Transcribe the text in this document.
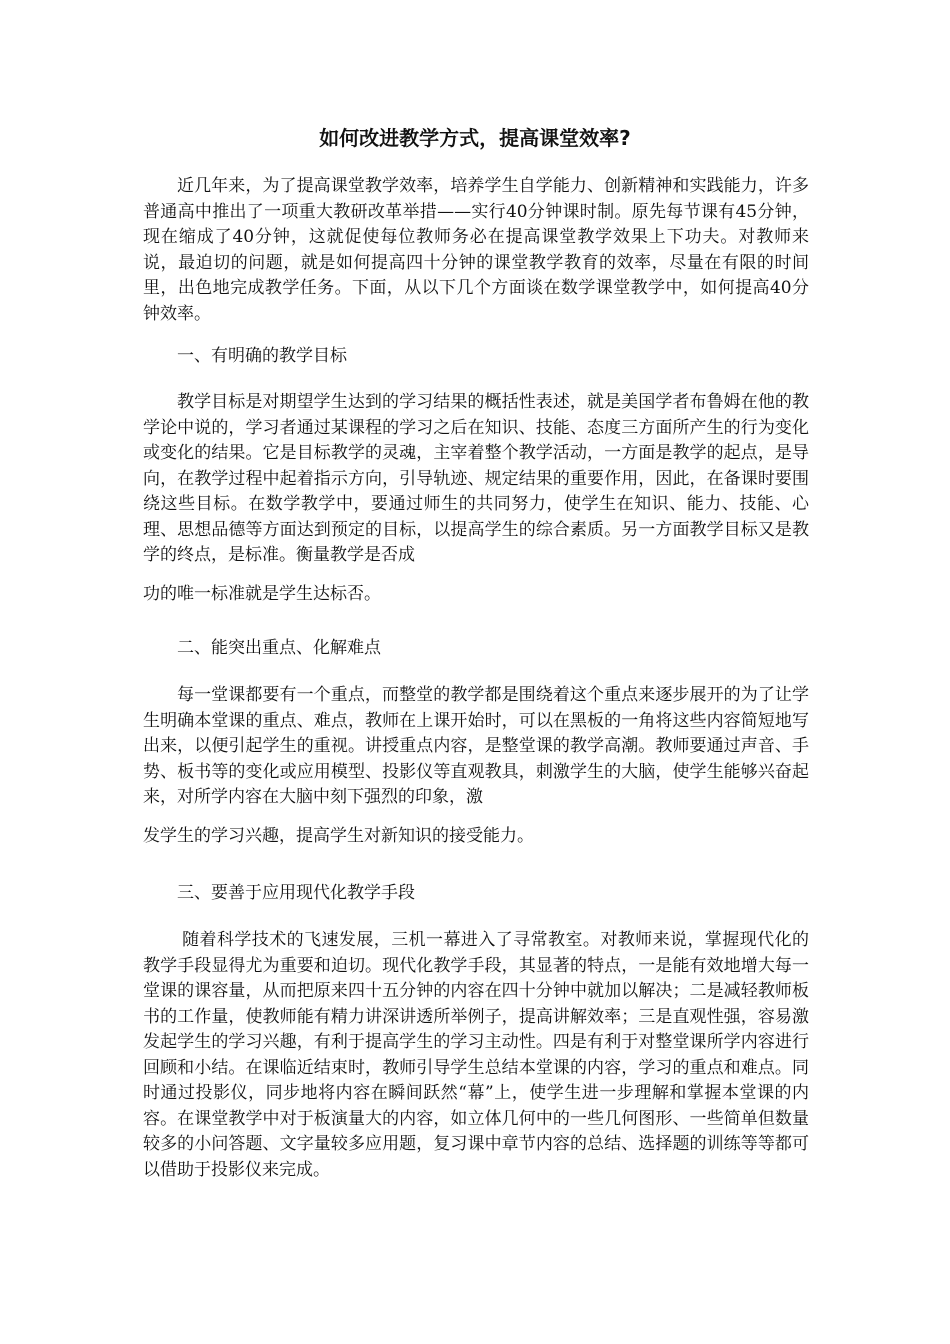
如何改进教学方式，提高课堂效率?

近几年来，为了提高课堂教学效率，培养学生自学能力、创新精神和实践能力，许多普通高中推出了一项重大教研改革举措——实行40分钟课时制。原先每节课有45分钟，现在缩成了40分钟，这就促使每位教师务必在提高课堂教学效果上下功夫。对教师来说，最迫切的问题，就是如何提高四十分钟的课堂教学教育的效率，尽量在有限的时间里，出色地完成教学任务。下面，从以下几个方面谈在数学课堂教学中，如何提高40分钟效率。

一、有明确的教学目标

教学目标是对期望学生达到的学习结果的概括性表述，就是美国学者布鲁姆在他的教学论中说的，学习者通过某课程的学习之后在知识、技能、态度三方面所产生的行为变化或变化的结果。它是目标教学的灵魂，主宰着整个教学活动，一方面是教学的起点，是导向，在教学过程中起着指示方向，引导轨迹、规定结果的重要作用，因此，在备课时要围绕这些目标。在数学教学中，要通过师生的共同努力，使学生在知识、能力、技能、心理、思想品德等方面达到预定的目标，以提高学生的综合素质。另一方面教学目标又是教学的终点，是标准。衡量教学是否成
功的唯一标准就是学生达标否。

二、能突出重点、化解难点

每一堂课都要有一个重点，而整堂的教学都是围绕着这个重点来逐步展开的为了让学生明确本堂课的重点、难点，教师在上课开始时，可以在黑板的一角将这些内容简短地写出来，以便引起学生的重视。讲授重点内容，是整堂课的教学高潮。教师要通过声音、手势、板书等的变化或应用模型、投影仪等直观教具，刺激学生的大脑，使学生能够兴奋起来，对所学内容在大脑中刻下强烈的印象，激
发学生的学习兴趣，提高学生对新知识的接受能力。

三、要善于应用现代化教学手段

随着科学技术的飞速发展，三机一幕进入了寻常教室。对教师来说，掌握现代化的教学手段显得尤为重要和迫切。现代化教学手段，其显著的特点，一是能有效地增大每一堂课的课容量，从而把原来四十五分钟的内容在四十分钟中就加以解决；二是减轻教师板书的工作量，使教师能有精力讲深讲透所举例子，提高讲解效率；三是直观性强，容易激发起学生的学习兴趣，有利于提高学生的学习主动性。四是有利于对整堂课所学内容进行回顾和小结。在课临近结束时，教师引导学生总结本堂课的内容，学习的重点和难点。同时通过投影仪，同步地将内容在瞬间跃然“幕”上，使学生进一步理解和掌握本堂课的内容。在课堂教学中对于板演量大的内容，如立体几何中的一些几何图形、一些简单但数量较多的小问答题、文字量较多应用题，复习课中章节内容的总结、选择题的训练等等都可以借助于投影仪来完成。
